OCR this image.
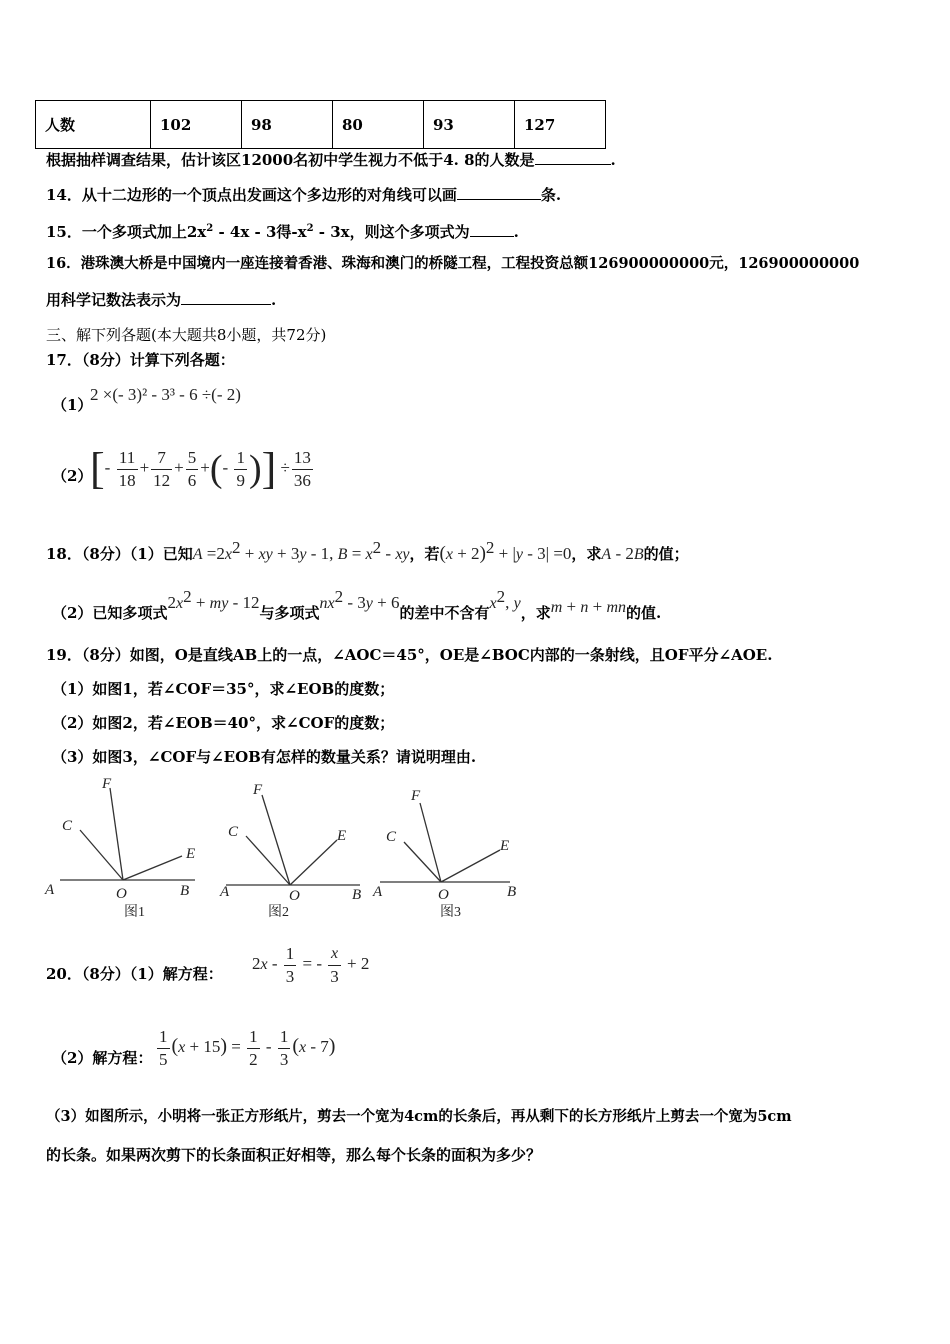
人数	102	98	80	93	127
根据抽样调查结果，估计该区12000名初中学生视力不低于4. 8的人数是	.
14．从十二边形的一个顶点出发画这个多边形的对角线可以画	条.
15．一个多项式加上$2x^2 - 4x - 3$得$-x^2 - 3x$，则这个多项式为	.
16．港珠澳大桥是中国境内一座连接着香港、珠海和澳门的桥隧工程，工程投资总额126900000000元，126900000000
用科学记数法表示为	.
三、解下列各题(本大题共8小题，共72分)
17．（8分）计算下列各题：
（1）
2 ×(- 3)² - 3³ - 6 ÷(- 2)
（2）
[- $\frac{11}{18} + \frac{7}{12} + \frac{5}{6}$ +(- $\frac{1}{9}$ )] ÷ $\frac{13}{36}$
18．（8分）（1）已知$A =2x^2$ + xy + 3y - 1, $B = x^2$ - xy，若$(x + 2)^2 + |y - 3| =0$，求A - 2B的值；
（2）已知多项式$2x^2$ + my - 12与多项式$nx^2 - 3y + 6$的差中不含有$x^2$, y，求m + n + mn的值.
19．（8分）如图，O是直线AB上的一点，∠AOC＝45°，OE是∠BOC内部的一条射线，且OF平分∠AOE.
（1）如图1，若∠COF＝35°，求∠EOB的度数；
（2）如图2，若∠EOB＝40°，求∠COF的度数；
（3）如图3，∠COF与∠EOB有怎样的数量关系？请说明理由.
A	O	B
C
F
E
A	O	B
C
F
E
A	O	B
C
F
E
图1	图2	图3
20．（8分）（1）解方程：
$2x - \frac{1}{3}$ = - $\frac{x}{3} + 2$
（2）解方程： $\frac{1}{5} (x + 15) = \frac{1}{2} - \frac{1}{3} (x - 7)$
（3）如图所示，小明将一张正方形纸片，剪去一个宽为4cm的长条后，再从剩下的长方形纸片上剪去一个宽为5cm
的长条。如果两次剪下的长条面积正好相等，那么每个长条的面积为多少？
